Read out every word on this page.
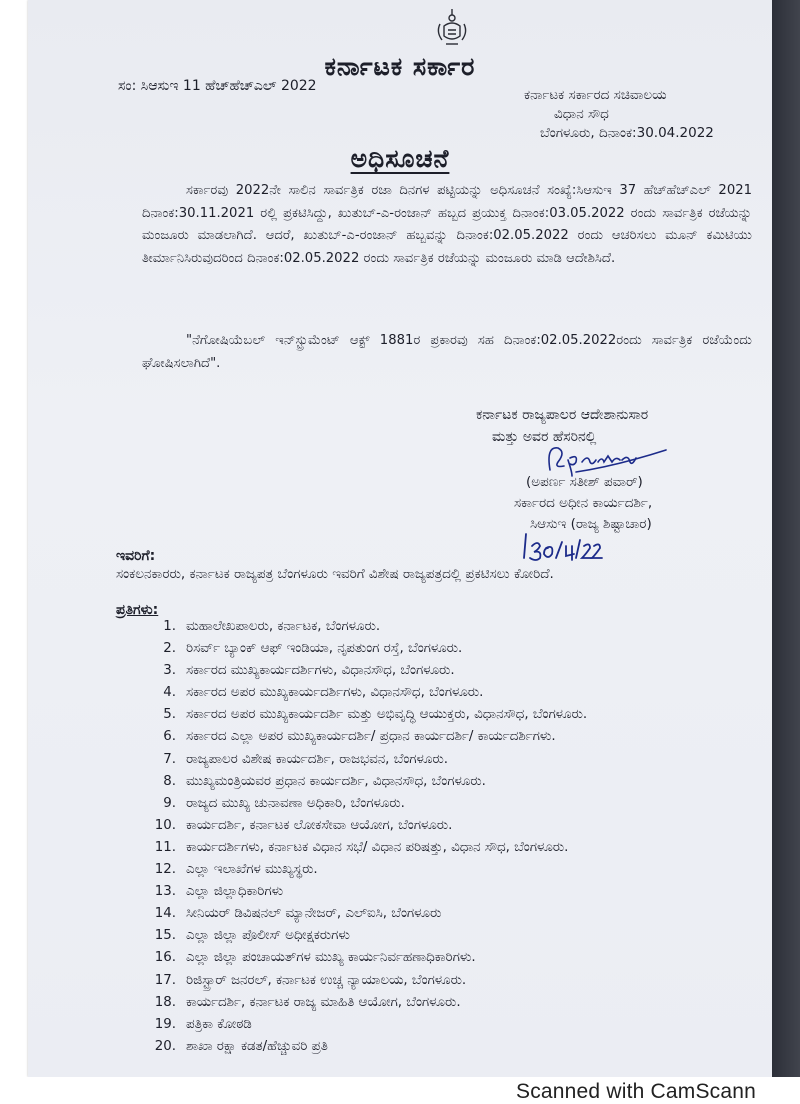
ಕರ್ನಾಟಕ ಸರ್ಕಾರ
ಸಂ: ಸಿಆಸುಇ 11 ಹೆಚ್‌ಹೆಚ್‌ಎಲ್ 2022
ಕರ್ನಾಟಕ ಸರ್ಕಾರದ ಸಚಿವಾಲಯ
ವಿಧಾನ ಸೌಧ
ಬೆಂಗಳೂರು, ದಿನಾಂಕ:30.04.2022
ಅಧಿಸೂಚನೆ
ಸರ್ಕಾರವು 2022ನೇ ಸಾಲಿನ ಸಾರ್ವತ್ರಿಕ ರಜಾ ದಿನಗಳ ಪಟ್ಟಿಯನ್ನು ಅಧಿಸೂಚನೆ ಸಂಖ್ಯೆ:ಸಿಆಸುಇ 37 ಹೆಚ್‌ಹೆಚ್‌ಎಲ್ 2021 ದಿನಾಂಕ:30.11.2021 ರಲ್ಲಿ ಪ್ರಕಟಿಸಿದ್ದು, ಖುತುಬ್-ಎ-ರಂಜಾನ್ ಹಬ್ಬದ ಪ್ರಯುಕ್ತ ದಿನಾಂಕ:03.05.2022 ರಂದು ಸಾರ್ವತ್ರಿಕ ರಜೆಯನ್ನು ಮಂಜೂರು ಮಾಡಲಾಗಿದೆ. ಆದರೆ, ಖುತುಬ್-ಎ-ರಂಜಾನ್ ಹಬ್ಬವನ್ನು ದಿನಾಂಕ:02.05.2022 ರಂದು ಆಚರಿಸಲು ಮೂನ್ ಕಮಿಟಿಯು ತೀರ್ಮಾನಿಸಿರುವುದರಿಂದ ದಿನಾಂಕ:02.05.2022 ರಂದು ಸಾರ್ವತ್ರಿಕ ರಜೆಯನ್ನು ಮಂಜೂರು ಮಾಡಿ ಆದೇಶಿಸಿದೆ.
"ನೆಗೋಷಿಯೆಬಲ್ ಇನ್‌ಸ್ಟ್ರುಮೆಂಟ್ ಆಕ್ಟ್ 1881ರ ಪ್ರಕಾರವು ಸಹ ದಿನಾಂಕ:02.05.2022ರಂದು ಸಾರ್ವತ್ರಿಕ ರಜೆಯೆಂದು ಘೋಷಿಸಲಾಗಿದೆ".
ಕರ್ನಾಟಕ ರಾಜ್ಯಪಾಲರ ಆದೇಶಾನುಸಾರ
ಮತ್ತು ಅವರ ಹೆಸರಿನಲ್ಲಿ
(ಅಪರ್ಣ ಸತೀಶ್ ಪವಾರ್)
ಸರ್ಕಾರದ ಅಧೀನ ಕಾರ್ಯದರ್ಶಿ,
ಸಿಆಸುಇ (ರಾಜ್ಯ ಶಿಷ್ಟಾಚಾರ)
ಇವರಿಗೆ:
ಸಂಕಲನಕಾರರು, ಕರ್ನಾಟಕ ರಾಜ್ಯಪತ್ರ ಬೆಂಗಳೂರು ಇವರಿಗೆ ವಿಶೇಷ ರಾಜ್ಯಪತ್ರದಲ್ಲಿ ಪ್ರಕಟಿಸಲು ಕೋರಿದೆ.
ಪ್ರತಿಗಳು:
1. ಮಹಾಲೇಖಪಾಲರು, ಕರ್ನಾಟಕ, ಬೆಂಗಳೂರು.
2. ರಿಸರ್ವ್ ಬ್ಯಾಂಕ್ ಆಫ್ ಇಂಡಿಯಾ, ನೃಪತುಂಗ ರಸ್ತೆ, ಬೆಂಗಳೂರು.
3. ಸರ್ಕಾರದ ಮುಖ್ಯಕಾರ್ಯದರ್ಶಿಗಳು, ವಿಧಾನಸೌಧ, ಬೆಂಗಳೂರು.
4. ಸರ್ಕಾರದ ಅಪರ ಮುಖ್ಯಕಾರ್ಯದರ್ಶಿಗಳು, ವಿಧಾನಸೌಧ, ಬೆಂಗಳೂರು.
5. ಸರ್ಕಾರದ ಅಪರ ಮುಖ್ಯಕಾರ್ಯದರ್ಶಿ ಮತ್ತು ಅಭಿವೃದ್ಧಿ ಆಯುಕ್ತರು, ವಿಧಾನಸೌಧ, ಬೆಂಗಳೂರು.
6. ಸರ್ಕಾರದ ಎಲ್ಲಾ ಅಪರ ಮುಖ್ಯಕಾರ್ಯದರ್ಶಿ/ ಪ್ರಧಾನ ಕಾರ್ಯದರ್ಶಿ/ ಕಾರ್ಯದರ್ಶಿಗಳು.
7. ರಾಜ್ಯಪಾಲರ ವಿಶೇಷ ಕಾರ್ಯದರ್ಶಿ, ರಾಜಭವನ, ಬೆಂಗಳೂರು.
8. ಮುಖ್ಯಮಂತ್ರಿಯವರ ಪ್ರಧಾನ ಕಾರ್ಯದರ್ಶಿ, ವಿಧಾನಸೌಧ, ಬೆಂಗಳೂರು.
9. ರಾಜ್ಯದ ಮುಖ್ಯ ಚುನಾವಣಾ ಅಧಿಕಾರಿ, ಬೆಂಗಳೂರು.
10. ಕಾರ್ಯದರ್ಶಿ, ಕರ್ನಾಟಕ ಲೋಕಸೇವಾ ಆಯೋಗ, ಬೆಂಗಳೂರು.
11. ಕಾರ್ಯದರ್ಶಿಗಳು, ಕರ್ನಾಟಕ ವಿಧಾನ ಸಭೆ/ ವಿಧಾನ ಪರಿಷತ್ತು, ವಿಧಾನ ಸೌಧ, ಬೆಂಗಳೂರು.
12. ಎಲ್ಲಾ ಇಲಾಖೆಗಳ ಮುಖ್ಯಸ್ಥರು.
13. ಎಲ್ಲಾ ಜಿಲ್ಲಾಧಿಕಾರಿಗಳು
14. ಸೀನಿಯರ್ ಡಿವಿಷನಲ್ ಮ್ಯಾನೇಜರ್, ಎಲ್‌ಐಸಿ, ಬೆಂಗಳೂರು
15. ಎಲ್ಲಾ ಜಿಲ್ಲಾ ಪೊಲೀಸ್ ಅಧೀಕ್ಷಕರುಗಳು
16. ಎಲ್ಲಾ ಜಿಲ್ಲಾ ಪಂಚಾಯತ್‌ಗಳ ಮುಖ್ಯ ಕಾರ್ಯನಿರ್ವಹಣಾಧಿಕಾರಿಗಳು.
17. ರಿಜಿಸ್ಟ್ರಾರ್ ಜನರಲ್, ಕರ್ನಾಟಕ ಉಚ್ಚ ನ್ಯಾಯಾಲಯ, ಬೆಂಗಳೂರು.
18. ಕಾರ್ಯದರ್ಶಿ, ಕರ್ನಾಟಕ ರಾಜ್ಯ ಮಾಹಿತಿ ಆಯೋಗ, ಬೆಂಗಳೂರು.
19. ಪತ್ರಿಕಾ ಕೋಠಡಿ
20. ಶಾಖಾ ರಕ್ಷಾ ಕಡತ/ಹೆಚ್ಚುವರಿ ಪ್ರತಿ
Scanned with CamScann
